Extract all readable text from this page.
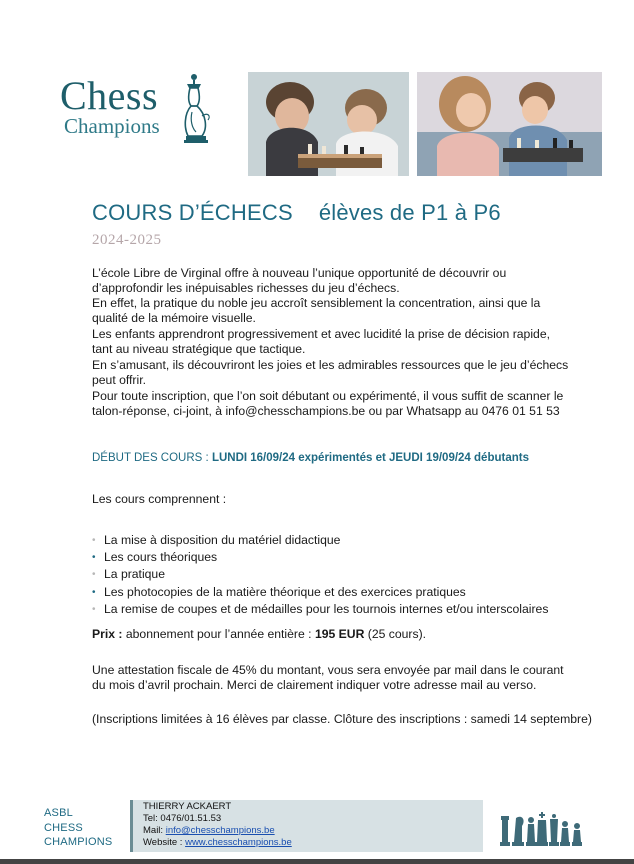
Chess
Champions
COURS D’ÉCHECS élèves de P1 à P6
2024-2025
L’école Libre de Virginal offre à nouveau l’unique opportunité de découvrir ou d’approfondir les inépuisables richesses du jeu d’échecs.
En effet, la pratique du noble jeu accroît sensiblement la concentration, ainsi que la qualité de la mémoire visuelle.
Les enfants apprendront progressivement et avec lucidité la prise de décision rapide, tant au niveau stratégique que tactique.
En s’amusant, ils découvriront les joies et les admirables ressources que le jeu d’échecs peut offrir.
Pour toute inscription, que l’on soit débutant ou expérimenté, il vous suffit de scanner le talon-réponse, ci-joint, à info@chesschampions.be ou par Whatsapp au 0476 01 51 53
DÉBUT DES COURS : LUNDI 16/09/24 expérimentés et JEUDI 19/09/24 débutants
Les cours comprennent :
• La mise à disposition du matériel didactique
• Les cours théoriques
• La pratique
• Les photocopies de la matière théorique et des exercices pratiques
• La remise de coupes et de médailles pour les tournois internes et/ou interscolaires
Prix : abonnement pour l’année entière : 195 EUR (25 cours).
Une attestation fiscale de 45% du montant, vous sera envoyée par mail dans le courant du mois d’avril prochain. Merci de clairement indiquer votre adresse mail au verso.
(Inscriptions limitées à 16 élèves par classe. Clôture des inscriptions : samedi 14 septembre)
ASBL
CHESS
CHAMPIONS
THIERRY ACKAERT
Tel: 0476/01.51.53
Mail: info@chesschampions.be
Website : www.chesschampions.be
